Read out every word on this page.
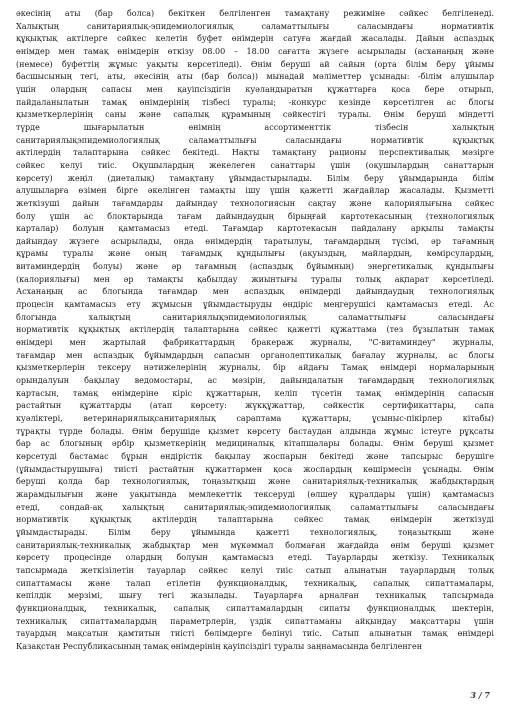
әкесінің аты (бар болса) бекіткен белгіленген тамақтану режиміне сәйкес белгіленеді.
Халықтың санитариялық-эпидемиологиялық саламаттылығы саласындағы нормативтік
құқықтық актілерге сәйкес келетін буфет өнімдерін сатуға жағдай жасалады. Дайын аспаздық
өнімдер мен тамақ өнімдерін өткізу 08.00 – 18.00 сағатта жүзеге асырылады (асханаңың және
(немесе) буфеттің жұмыс уақыты көрсетіледі). Өнім беруші ай сайын (орта білім беру ұйымы
басшысының тегі, аты, әкесінің аты (бар болса)) мынадай мәліметтер ұсынады: -білім алушылар
үшін олардың сапасы мен қауіпсіздігін куәландыратын құжаттарға қоса бере отырып,
пайдаланылатын тамақ өнімдерінің тізбесі туралы; -конкурс кезінде көрсетілген ас блогы
қызметкерлерінің саны және сапалық құрамының сәйкестігі туралы. Өнім беруші міндетті
түрде шығарылатын өнімнің ассортименттік тізбесін халықтың
санитариялықэпидемиологиялық саламаттылығы саласындағы нормативтік құқықтық
актілердің талаптарына сәйкес бекітеді. Нақты тамақтану рационы перспективалық мәзірге
сәйкес келуі тиіс. Оқушылардың жекелеген санаттары үшін (оқушылардың санаттарын
көрсету) жеңіл (диеталық) тамақтану ұйымдастырылады. Білім беру ұйымдарында білім
алушыларға өзімен бірге әкелінген тамақты ішу үшін қажетті жағдайлар жасалады. Қызметті
жеткізуші дайын тағамдарды дайындау технологиясын сақтау және калориялығына сәйкес
болу үшін ас блоктарында тағам дайындаудың бірыңғай картотекасының (технологиялық
карталар) болуын қамтамасыз етеді. Тағамдар картотекасын пайдалану арқылы тамақты
дайындау жүзеге асырылады, онда өнімдердің таратылуы, тағамдардың түсімі, әр тағамның
құрамы туралы және оның тағамдық құндылығы (ақуыздың, майлардың, көмірсулардың,
витаминдердің болуы) және әр тағамның (аспаздық бұйымның) энергетикалық құндылығы
(калориялығы) мен әр тамақты қабылдау жиынтығы туралы толық ақпарат көрсетіледі.
Асханаңың ас блогында тағамдар мен аспаздық өнімдерді дайындаудың технологиялық
процесін қамтамасыз ету жұмысын ұйымдастыруды өндіріс меңгерушісі қамтамасыз етеді. Ас
блогында халықтың санитариялықэпидемиологиялық саламаттылығы саласындағы
нормативтік құқықтық актілердің талаптарына сәйкес қажетті құжаттама (тез бұзылатын тамақ
өнімдері мен жартылай фабрикаттардың бракераж журналы, "С-витаминдеу" журналы,
тағамдар мен аспаздық бұйымдардың сапасын органолептикалық бағалау журналы, ас блогы
қызметкерлерін тексеру нәтижелерінің журналы, бір айдағы Тамақ өнімдері нормаларының
орындалуын бақылау ведомостары, ас мәзірін, дайындалатын тағамдардың технологиялық
картасын, тамақ өнімдеріне кіріс құжаттарын, келіп түсетін тамақ өнімдерінің сапасын
растайтын құжаттарды (атап көрсету: жүкқұжаттар, сәйкестік сертификаттары, сапа
куәліктері, ветеринариялықсанитариялық сараптама құжаттары, ұсыныс-пікірлер кітабы)
тұрақты түрде болады. Өнім берушіде қызмет көрсету бастаудан алдында жұмыс істеуге рұқсаты
бар ас блогының әрбір қызметкерінің медициналық кітапшалары болады. Өнім беруші қызмет
көрсетуді бастамас бұрын өндірістік бақылау жоспарын бекітеді және тапсырыс берушіге
(ұйымдастырушыға) тиісті растайтын құжаттармен қоса жоспардың көшірмесін ұсынады. Өнім
беруші қолда бар технологиялық, тоңазытқыш және санитариялық-техникалық жабдықтардың
жарамдылығын және уақытында мемлекеттік тексеруді (өлшеу құралдары үшін) қамтамасыз
етеді, сондай-ақ халықтың санитариялық-эпидемиологиялық саламаттылығы саласындағы
нормативтік құқықтық актілердің талаптарына сәйкес тамақ өнімдерін жеткізуді
ұйымдастырады. Білім беру ұйымында қажетті технологиялық, тоңазытқыш және
санитариялық-техникалық жабдықтар мен мүкәммал болмаған жағдайда өнім беруші қызмет
көрсету процесінде олардың болуын қамтамасыз етеді. Тауарларды жеткізу. Техникалық
тапсырмада жеткізілетін тауарлар сәйкес келуі тиіс сатып алынатын тауарлардың толық
сипаттамасы және талап етілетін функционалдық, техникалық, сапалық сипаттамалары,
кепілдік мерзімі, шығу тегі жазылады. Тауарларға арналған техникалық тапсырмада
функционалдық, техникалық, сапалық сипаттамалардың сипаты функционалдық шектерін,
техникалық сипаттамалардың параметрлерін, үздік сипаттаманы айқындау мақсаттары үшін
тауардың мақсатын қамтитын тиісті бөлімдерге бөлінуі тиіс. Сатып алынатын тамақ өнімдері
Қазақстан Республикасының тамақ өнімдерінің қауіпсіздігі туралы заңнамасында белгіленген
3 / 7
